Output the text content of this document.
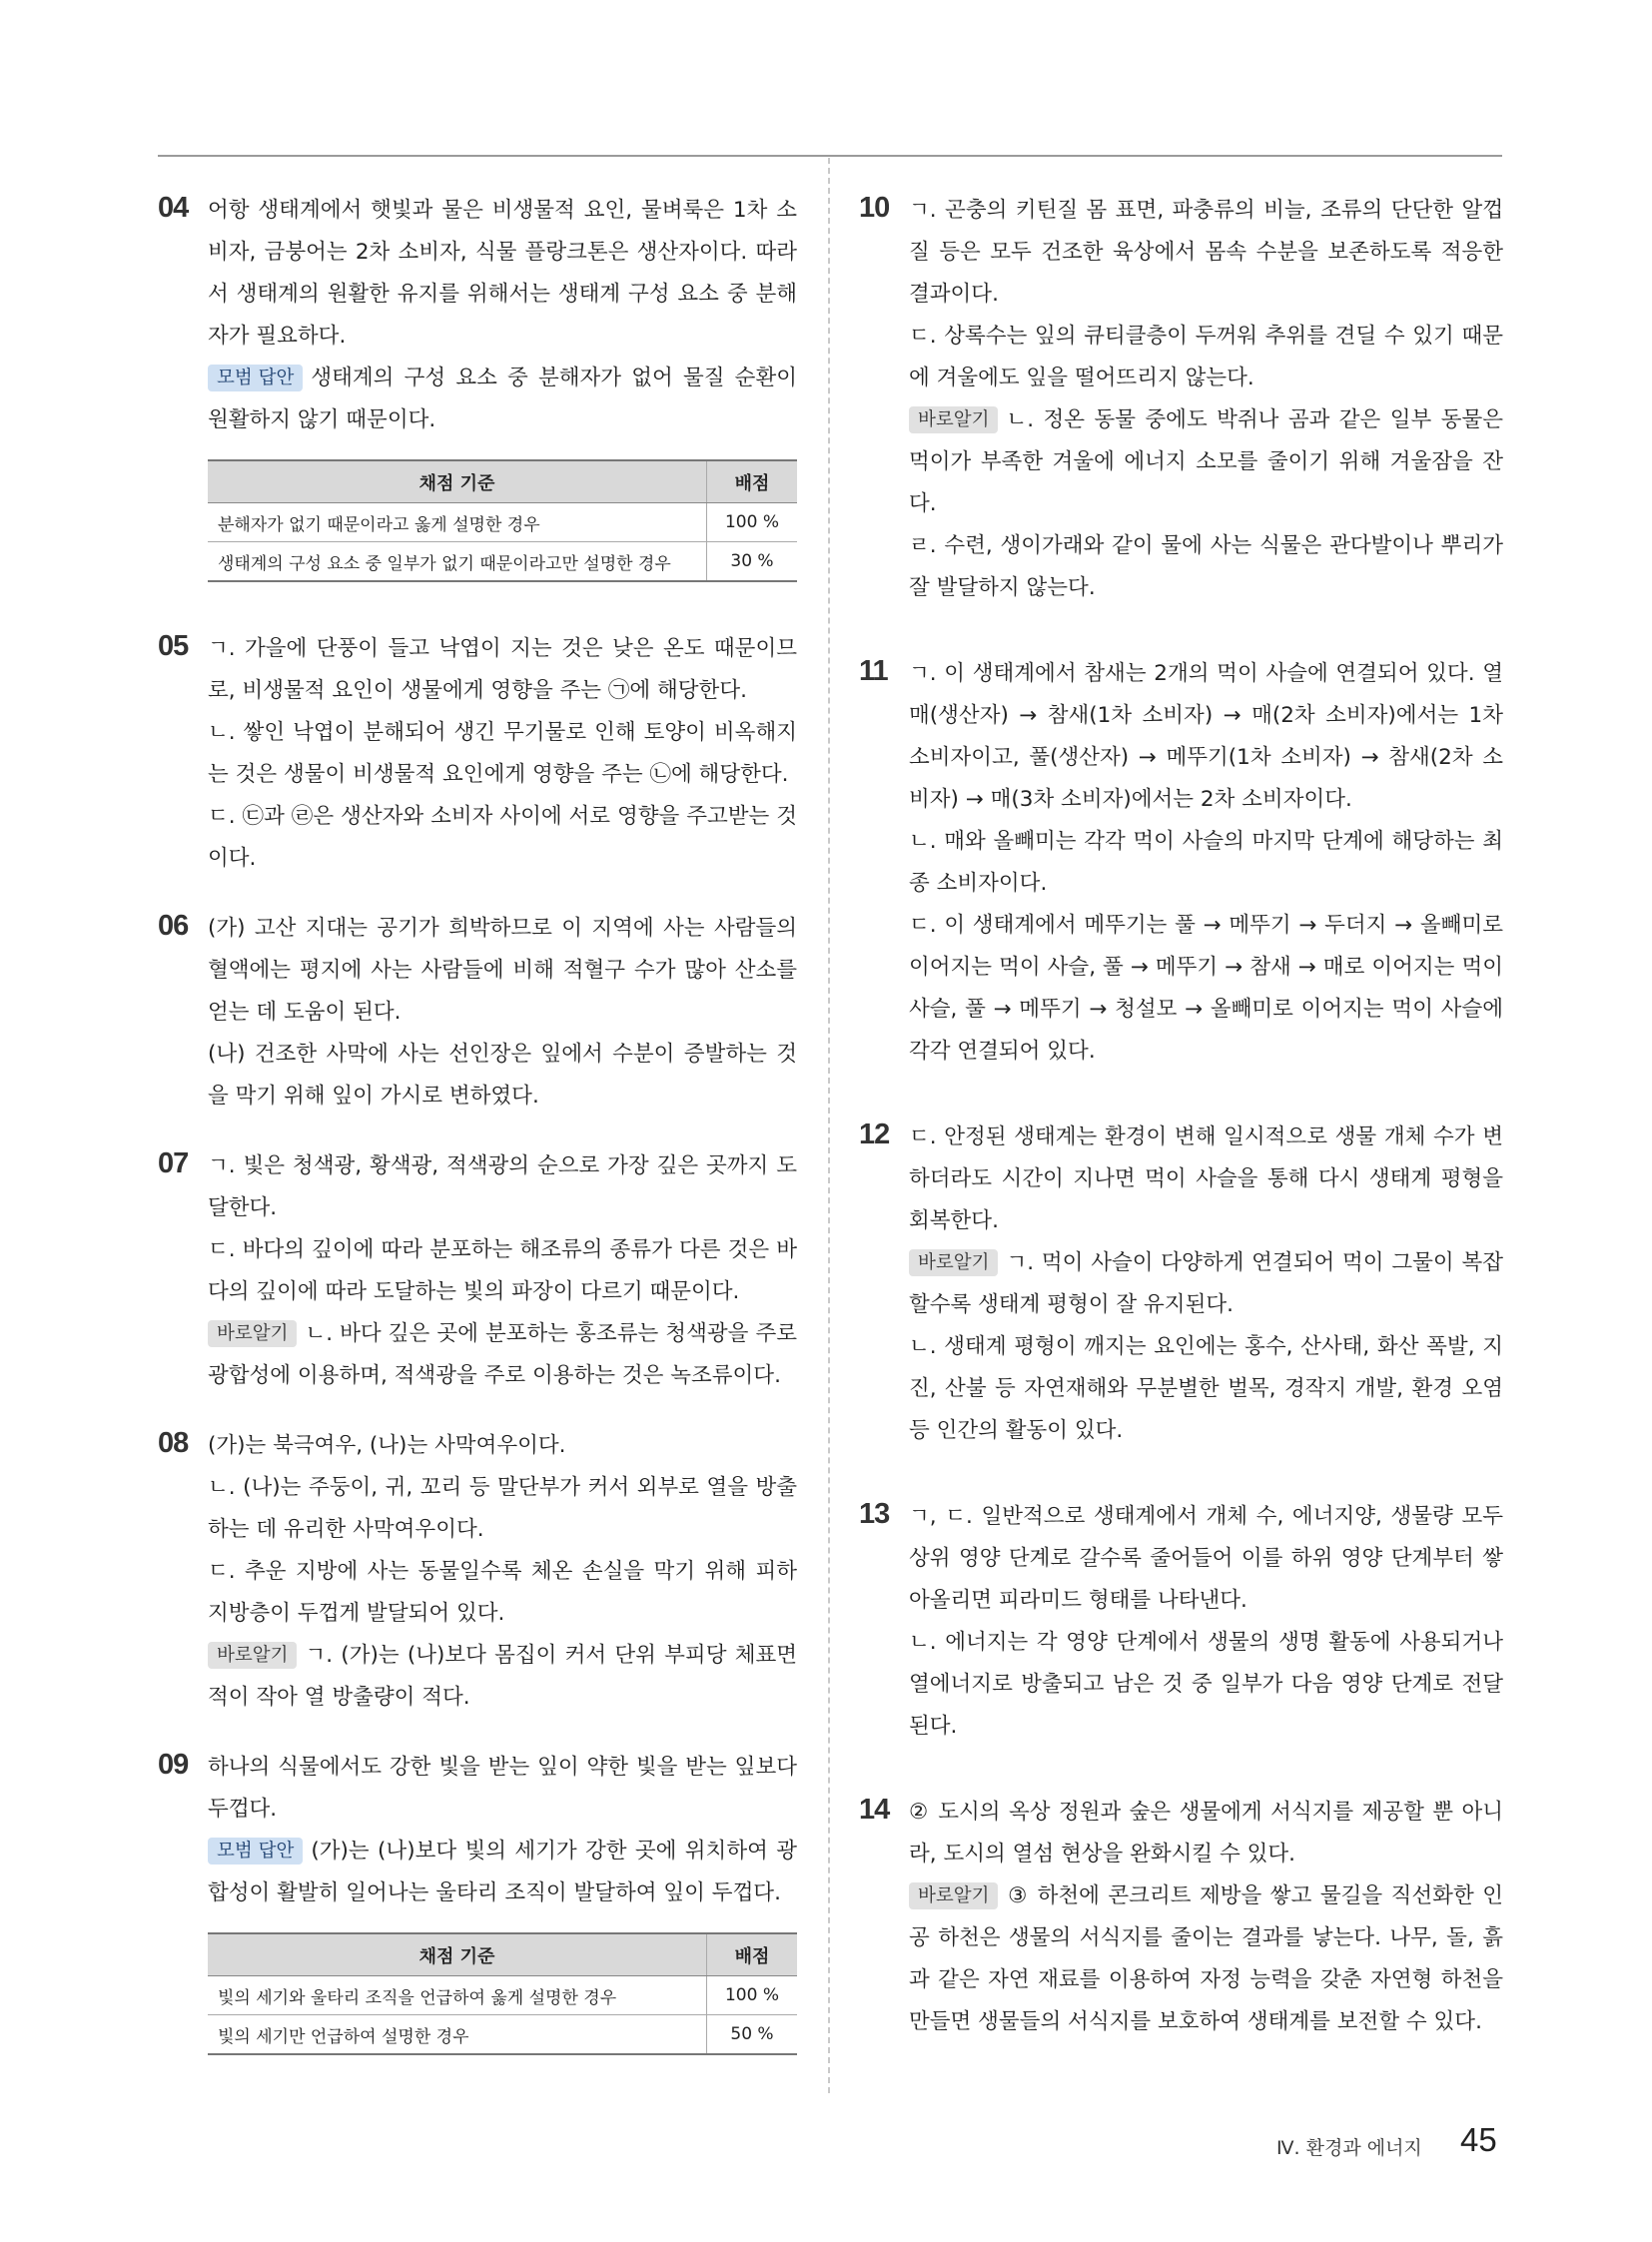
04 어항 생태계에서 햇빛과 물은 비생물적 요인, 물벼룩은 1차 소비자, 금붕어는 2차 소비자, 식물 플랑크톤은 생산자이다. 따라서 생태계의 원활한 유지를 위해서는 생태계 구성 요소 중 분해자가 필요하다.

모범 답안 생태계의 구성 요소 중 분해자가 없어 물질 순환이 원활하지 않기 때문이다.

채점 기준	배점
분해자가 없기 때문이라고 옳게 설명한 경우	100 %
생태계의 구성 요소 중 일부가 없기 때문이라고만 설명한 경우	30 %
05 ㄱ. 가을에 단풍이 들고 낙엽이 지는 것은 낮은 온도 때문이므로, 비생물적 요인이 생물에게 영향을 주는 ㉠에 해당한다.

ㄴ. 쌓인 낙엽이 분해되어 생긴 무기물로 인해 토양이 비옥해지는 것은 생물이 비생물적 요인에게 영향을 주는 ㉡에 해당한다.

ㄷ. ㉢과 ㉣은 생산자와 소비자 사이에 서로 영향을 주고받는 것이다.

06 (가) 고산 지대는 공기가 희박하므로 이 지역에 사는 사람들의 혈액에는 평지에 사는 사람들에 비해 적혈구 수가 많아 산소를 얻는 데 도움이 된다.

(나) 건조한 사막에 사는 선인장은 잎에서 수분이 증발하는 것을 막기 위해 잎이 가시로 변하였다.

07 ㄱ. 빛은 청색광, 황색광, 적색광의 순으로 가장 깊은 곳까지 도달한다.

ㄷ. 바다의 깊이에 따라 분포하는 해조류의 종류가 다른 것은 바다의 깊이에 따라 도달하는 빛의 파장이 다르기 때문이다.

바로알기 ㄴ. 바다 깊은 곳에 분포하는 홍조류는 청색광을 주로 광합성에 이용하며, 적색광을 주로 이용하는 것은 녹조류이다.

08 (가)는 북극여우, (나)는 사막여우이다.

ㄴ. (나)는 주둥이, 귀, 꼬리 등 말단부가 커서 외부로 열을 방출하는 데 유리한 사막여우이다.

ㄷ. 추운 지방에 사는 동물일수록 체온 손실을 막기 위해 피하 지방층이 두껍게 발달되어 있다.

바로알기 ㄱ. (가)는 (나)보다 몸집이 커서 단위 부피당 체표면적이 작아 열 방출량이 적다.

09 하나의 식물에서도 강한 빛을 받는 잎이 약한 빛을 받는 잎보다 두껍다.

모범 답안 (가)는 (나)보다 빛의 세기가 강한 곳에 위치하여 광합성이 활발히 일어나는 울타리 조직이 발달하여 잎이 두껍다.

채점 기준	배점
빛의 세기와 울타리 조직을 언급하여 옳게 설명한 경우	100 %
빛의 세기만 언급하여 설명한 경우	50 %
10 ㄱ. 곤충의 키틴질 몸 표면, 파충류의 비늘, 조류의 단단한 알껍질 등은 모두 건조한 육상에서 몸속 수분을 보존하도록 적응한 결과이다.

ㄷ. 상록수는 잎의 큐티클층이 두꺼워 추위를 견딜 수 있기 때문에 겨울에도 잎을 떨어뜨리지 않는다.

바로알기 ㄴ. 정온 동물 중에도 박쥐나 곰과 같은 일부 동물은 먹이가 부족한 겨울에 에너지 소모를 줄이기 위해 겨울잠을 잔다.

ㄹ. 수련, 생이가래와 같이 물에 사는 식물은 관다발이나 뿌리가 잘 발달하지 않는다.

11 ㄱ. 이 생태계에서 참새는 2개의 먹이 사슬에 연결되어 있다. 열매(생산자) → 참새(1차 소비자) → 매(2차 소비자)에서는 1차 소비자이고, 풀(생산자) → 메뚜기(1차 소비자) → 참새(2차 소비자) → 매(3차 소비자)에서는 2차 소비자이다.

ㄴ. 매와 올빼미는 각각 먹이 사슬의 마지막 단계에 해당하는 최종 소비자이다.

ㄷ. 이 생태계에서 메뚜기는 풀 → 메뚜기 → 두더지 → 올빼미로 이어지는 먹이 사슬, 풀 → 메뚜기 → 참새 → 매로 이어지는 먹이 사슬, 풀 → 메뚜기 → 청설모 → 올빼미로 이어지는 먹이 사슬에 각각 연결되어 있다.

12 ㄷ. 안정된 생태계는 환경이 변해 일시적으로 생물 개체 수가 변하더라도 시간이 지나면 먹이 사슬을 통해 다시 생태계 평형을 회복한다.

바로알기 ㄱ. 먹이 사슬이 다양하게 연결되어 먹이 그물이 복잡할수록 생태계 평형이 잘 유지된다.

ㄴ. 생태계 평형이 깨지는 요인에는 홍수, 산사태, 화산 폭발, 지진, 산불 등 자연재해와 무분별한 벌목, 경작지 개발, 환경 오염 등 인간의 활동이 있다.

13 ㄱ, ㄷ. 일반적으로 생태계에서 개체 수, 에너지양, 생물량 모두 상위 영양 단계로 갈수록 줄어들어 이를 하위 영양 단계부터 쌓아올리면 피라미드 형태를 나타낸다.

ㄴ. 에너지는 각 영양 단계에서 생물의 생명 활동에 사용되거나 열에너지로 방출되고 남은 것 중 일부가 다음 영양 단계로 전달된다.

14 ② 도시의 옥상 정원과 숲은 생물에게 서식지를 제공할 뿐 아니라, 도시의 열섬 현상을 완화시킬 수 있다.

바로알기 ③ 하천에 콘크리트 제방을 쌓고 물길을 직선화한 인공 하천은 생물의 서식지를 줄이는 결과를 낳는다. 나무, 돌, 흙과 같은 자연 재료를 이용하여 자정 능력을 갖춘 자연형 하천을 만들면 생물들의 서식지를 보호하여 생태계를 보전할 수 있다.

Ⅳ. 환경과 에너지 45
